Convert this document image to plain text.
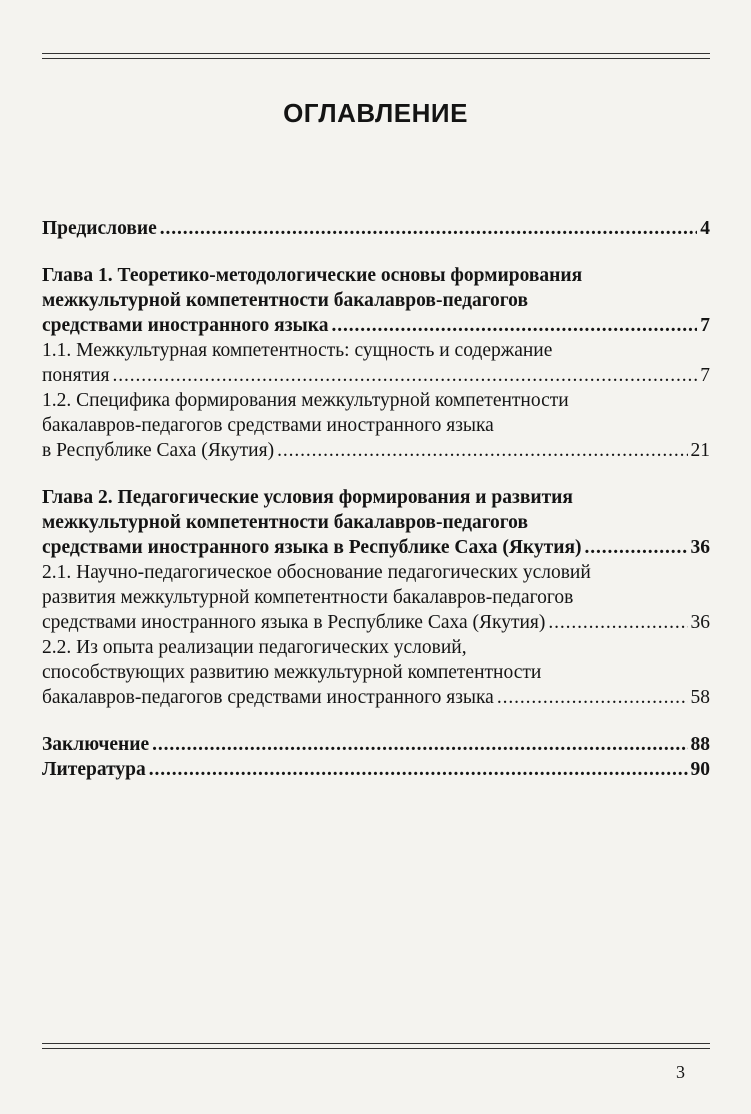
ОГЛАВЛЕНИЕ
Предисловие . . .	4
Глава 1. Теоретико-методологические основы формирования
межкультурной компетентности бакалавров-педагогов
средствами иностранного языка . . .	7
1.1. Межкультурная компетентность: сущность и содержание
понятия . . .	7
1.2. Специфика формирования межкультурной компетентности
бакалавров-педагогов средствами иностранного языка
в Республике Саха (Якутия) . . .	21
Глава 2. Педагогические условия формирования и развития
межкультурной компетентности бакалавров-педагогов
средствами иностранного языка в Республике Саха (Якутия) . . .	36
2.1. Научно-педагогическое обоснование педагогических условий
развития межкультурной компетентности бакалавров-педагогов
средствами иностранного языка в Республике Саха (Якутия) . . .	36
2.2. Из опыта реализации педагогических условий,
способствующих развитию межкультурной компетентности
бакалавров-педагогов средствами иностранного языка . . .	58
Заключение . . .	88
Литература . . .	90
3
